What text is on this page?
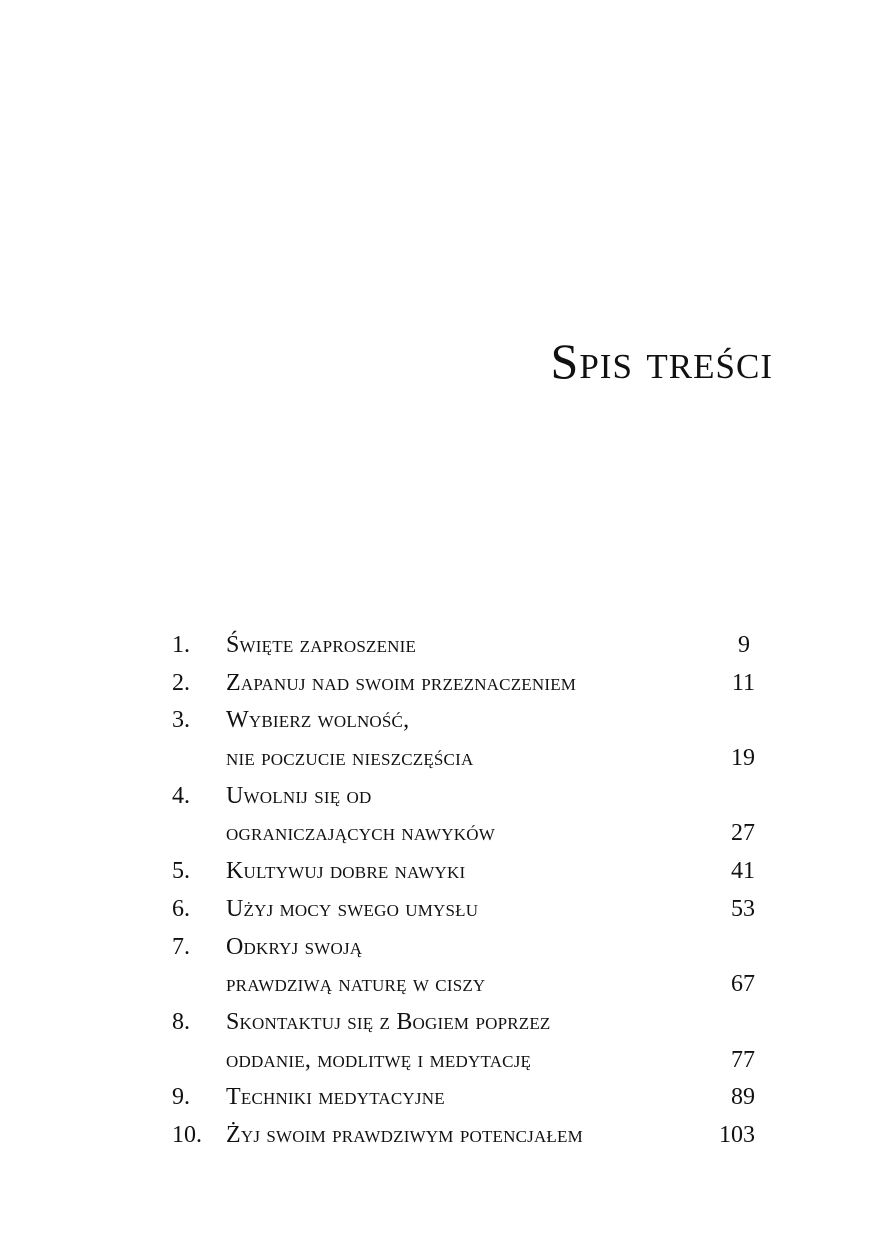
Spis treści
1. Święte zaproszenie	9
2. Zapanuj nad swoim przeznaczeniem	11
3. Wybierz wolność,
nie poczucie nieszczęścia	19
4. Uwolnij się od
ograniczających nawyków	27
5. Kultywuj dobre nawyki	41
6. Użyj mocy swego umysłu	53
7. Odkryj swoją
prawdziwą naturę w ciszy	67
8. Skontaktuj się z Bogiem poprzez
oddanie, modlitwę i medytację	77
9. Techniki medytacyjne	89
10. Żyj swoim prawdziwym potencjałem	103
